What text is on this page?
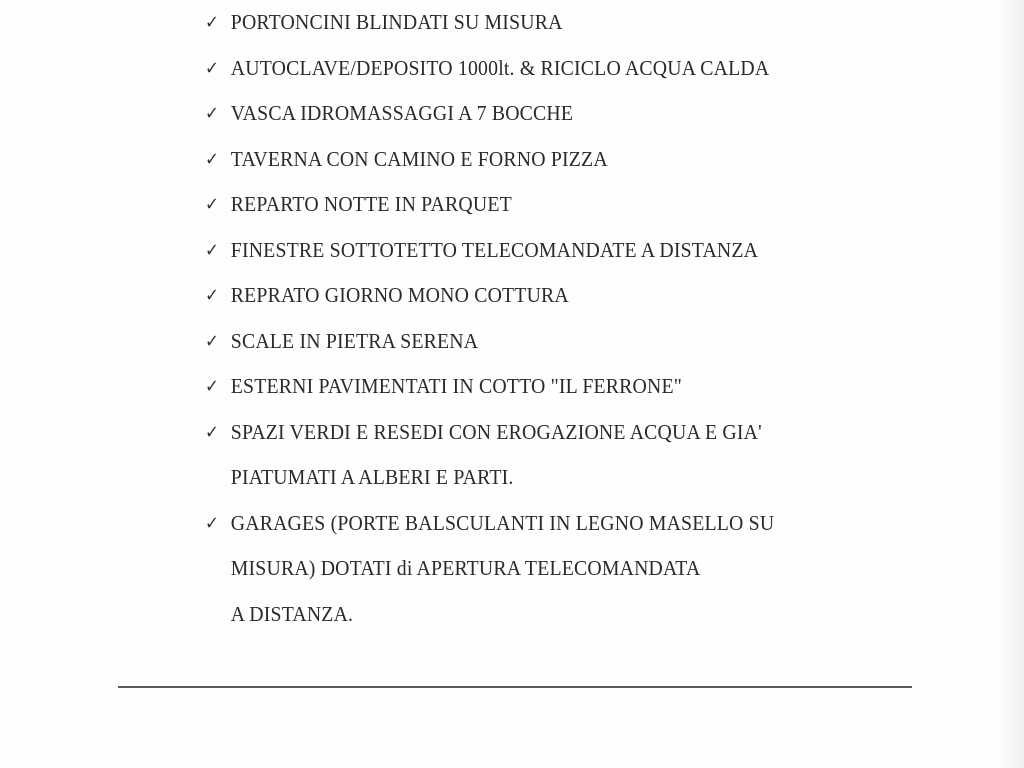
✓ PORTONCINI BLINDATI SU MISURA
✓ AUTOCLAVE/DEPOSITO 1000lt. & RICICLO ACQUA CALDA
✓ VASCA IDROMASSAGGI A 7 BOCCHE
✓ TAVERNA CON CAMINO E FORNO PIZZA
✓ REPARTO NOTTE IN PARQUET
✓ FINESTRE SOTTOTETTO TELECOMANDATE A DISTANZA
✓ REPRATO GIORNO MONO COTTURA
✓ SCALE IN PIETRA SERENA
✓ ESTERNI PAVIMENTATI IN COTTO "IL FERRONE"
✓ SPAZI VERDI E RESEDI CON EROGAZIONE ACQUA E GIA'
PIATUMATI A ALBERI E PARTI.
✓ GARAGES (PORTE BALSCULANTI IN LEGNO MASELLO SU
MISURA) DOTATI di APERTURA TELECOMANDATA
A DISTANZA.
